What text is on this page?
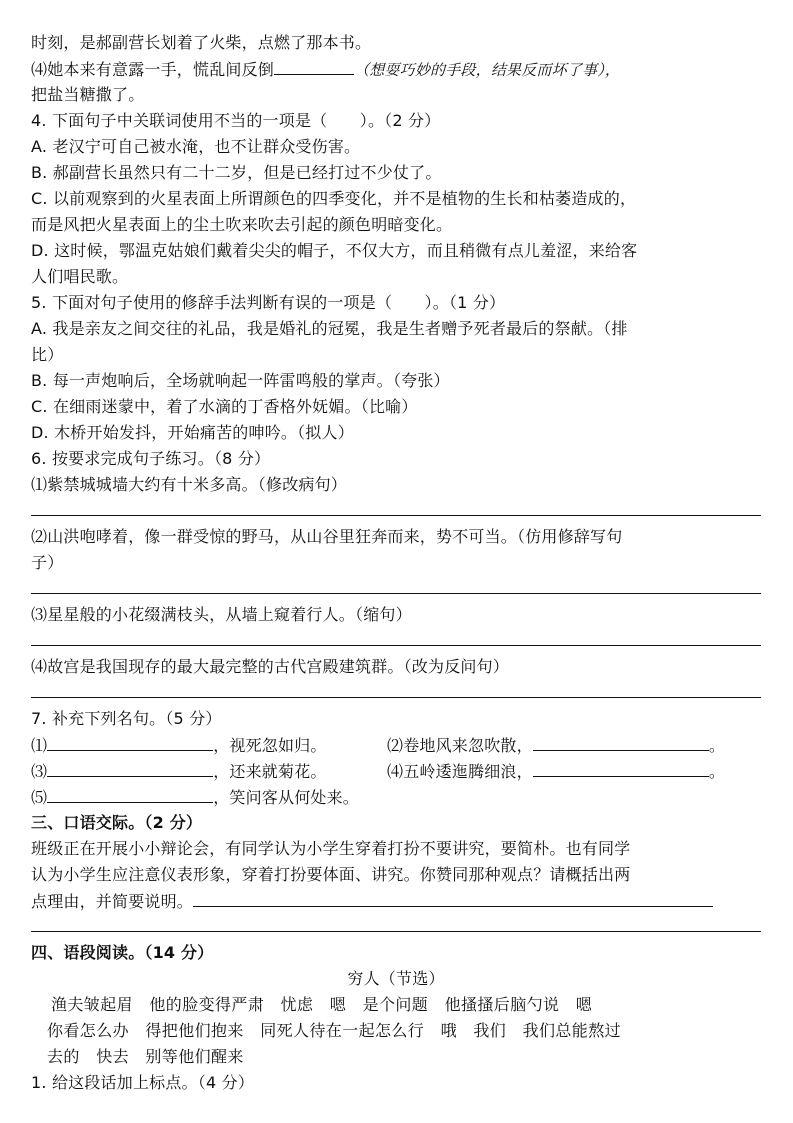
时刻，是郝副营长划着了火柴，点燃了那本书。
⑷她本来有意露一手，慌乱间反倒	（想耍巧妙的手段，结果反而坏了事），
把盐当糖撒了。
4. 下面句子中关联词使用不当的一项是（　　）。（2 分）
A. 老汉宁可自己被水淹，也不让群众受伤害。
B. 郝副营长虽然只有二十二岁，但是已经打过不少仗了。
C. 以前观察到的火星表面上所谓颜色的四季变化，并不是植物的生长和枯萎造成的，
而是风把火星表面上的尘土吹来吹去引起的颜色明暗变化。
D. 这时候，鄂温克姑娘们戴着尖尖的帽子，不仅大方，而且稍微有点儿羞涩，来给客
人们唱民歌。
5. 下面对句子使用的修辞手法判断有误的一项是（　　）。（1 分）
A. 我是亲友之间交往的礼品，我是婚礼的冠冕，我是生者赠予死者最后的祭献。（排
比）
B. 每一声炮响后，全场就响起一阵雷鸣般的掌声。（夸张）
C. 在细雨迷蒙中，着了水滴的丁香格外妩媚。（比喻）
D. 木桥开始发抖，开始痛苦的呻吟。（拟人）
6. 按要求完成句子练习。（8 分）
⑴紫禁城城墙大约有十米多高。（修改病句）
⑵山洪咆哮着，像一群受惊的野马，从山谷里狂奔而来，势不可当。（仿用修辞写句
子）
⑶星星般的小花缀满枝头，从墙上窥着行人。（缩句）
⑷故宫是我国现存的最大最完整的古代宫殿建筑群。（改为反问句）
7. 补充下列名句。（5 分）
⑴	，视死忽如归。	⑵卷地风来忽吹散，	。
⑶	，还来就菊花。	⑷五岭逶迤腾细浪，	。
⑸	，笑问客从何处来。
三、口语交际。（2 分）
班级正在开展小小辩论会，有同学认为小学生穿着打扮不要讲究，要简朴。也有同学
认为小学生应注意仪表形象，穿着打扮要体面、讲究。你赞同那种观点？请概括出两
点理由，并简要说明。
四、语段阅读。（14 分）
穷人（节选）
渔夫皱起眉　他的脸变得严肃　忧虑　嗯　是个问题　他搔搔后脑勺说　嗯
你看怎么办　得把他们抱来　同死人待在一起怎么行　哦　我们　我们总能熬过
去的　快去　别等他们醒来
1. 给这段话加上标点。（4 分）
